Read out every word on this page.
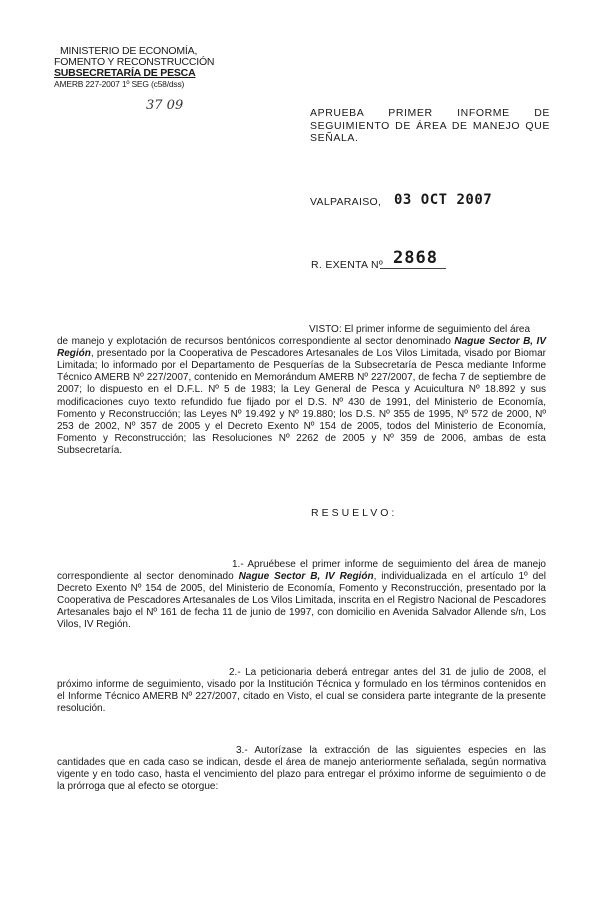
MINISTERIO DE ECONOMÍA,
FOMENTO Y RECONSTRUCCIÓN
SUBSECRETARÍA DE PESCA
AMERB 227-2007 1º SEG (c58/dss)
37 09	APRUEBA PRIMER INFORME DE SEGUIMIENTO DE ÁREA DE MANEJO QUE SEÑALA.
VALPARAISO, 03 OCT 2007
R. EXENTA Nº 2868
VISTO: El primer informe de seguimiento del área
de manejo y explotación de recursos bentónicos correspondiente al sector denominado Nague Sector B, IV Región, presentado por la Cooperativa de Pescadores Artesanales de Los Vilos Limitada, visado por Biomar Limitada; lo informado por el Departamento de Pesquerías de la Subsecretaría de Pesca mediante Informe Técnico AMERB Nº 227/2007, contenido en Memorándum AMERB Nº 227/2007, de fecha 7 de septiembre de 2007; lo dispuesto en el D.F.L. Nº 5 de 1983; la Ley General de Pesca y Acuicultura Nº 18.892 y sus modificaciones cuyo texto refundido fue fijado por el D.S. Nº 430 de 1991, del Ministerio de Economía, Fomento y Reconstrucción; las Leyes Nº 19.492 y Nº 19.880; los D.S. Nº 355 de 1995, Nº 572 de 2000, Nº 253 de 2002, Nº 357 de 2005 y el Decreto Exento Nº 154 de 2005, todos del Ministerio de Economía, Fomento y Reconstrucción; las Resoluciones Nº 2262 de 2005 y Nº 359 de 2006, ambas de esta Subsecretaría.
RESUELVO:
1.- Apruébese el primer informe de seguimiento del área de manejo correspondiente al sector denominado Nague Sector B, IV Región, individualizada en el artículo 1º del Decreto Exento Nº 154 de 2005, del Ministerio de Economía, Fomento y Reconstrucción, presentado por la Cooperativa de Pescadores Artesanales de Los Vilos Limitada, inscrita en el Registro Nacional de Pescadores Artesanales bajo el Nº 161 de fecha 11 de junio de 1997, con domicilio en Avenida Salvador Allende s/n, Los Vilos, IV Región.
2.- La peticionaria deberá entregar antes del 31 de julio de 2008, el próximo informe de seguimiento, visado por la Institución Técnica y formulado en los términos contenidos en el Informe Técnico AMERB Nº 227/2007, citado en Visto, el cual se considera parte integrante de la presente resolución.
3.- Autorízase la extracción de las siguientes especies en las cantidades que en cada caso se indican, desde el área de manejo anteriormente señalada, según normativa vigente y en todo caso, hasta el vencimiento del plazo para entregar el próximo informe de seguimiento o de la prórroga que al efecto se otorgue:
